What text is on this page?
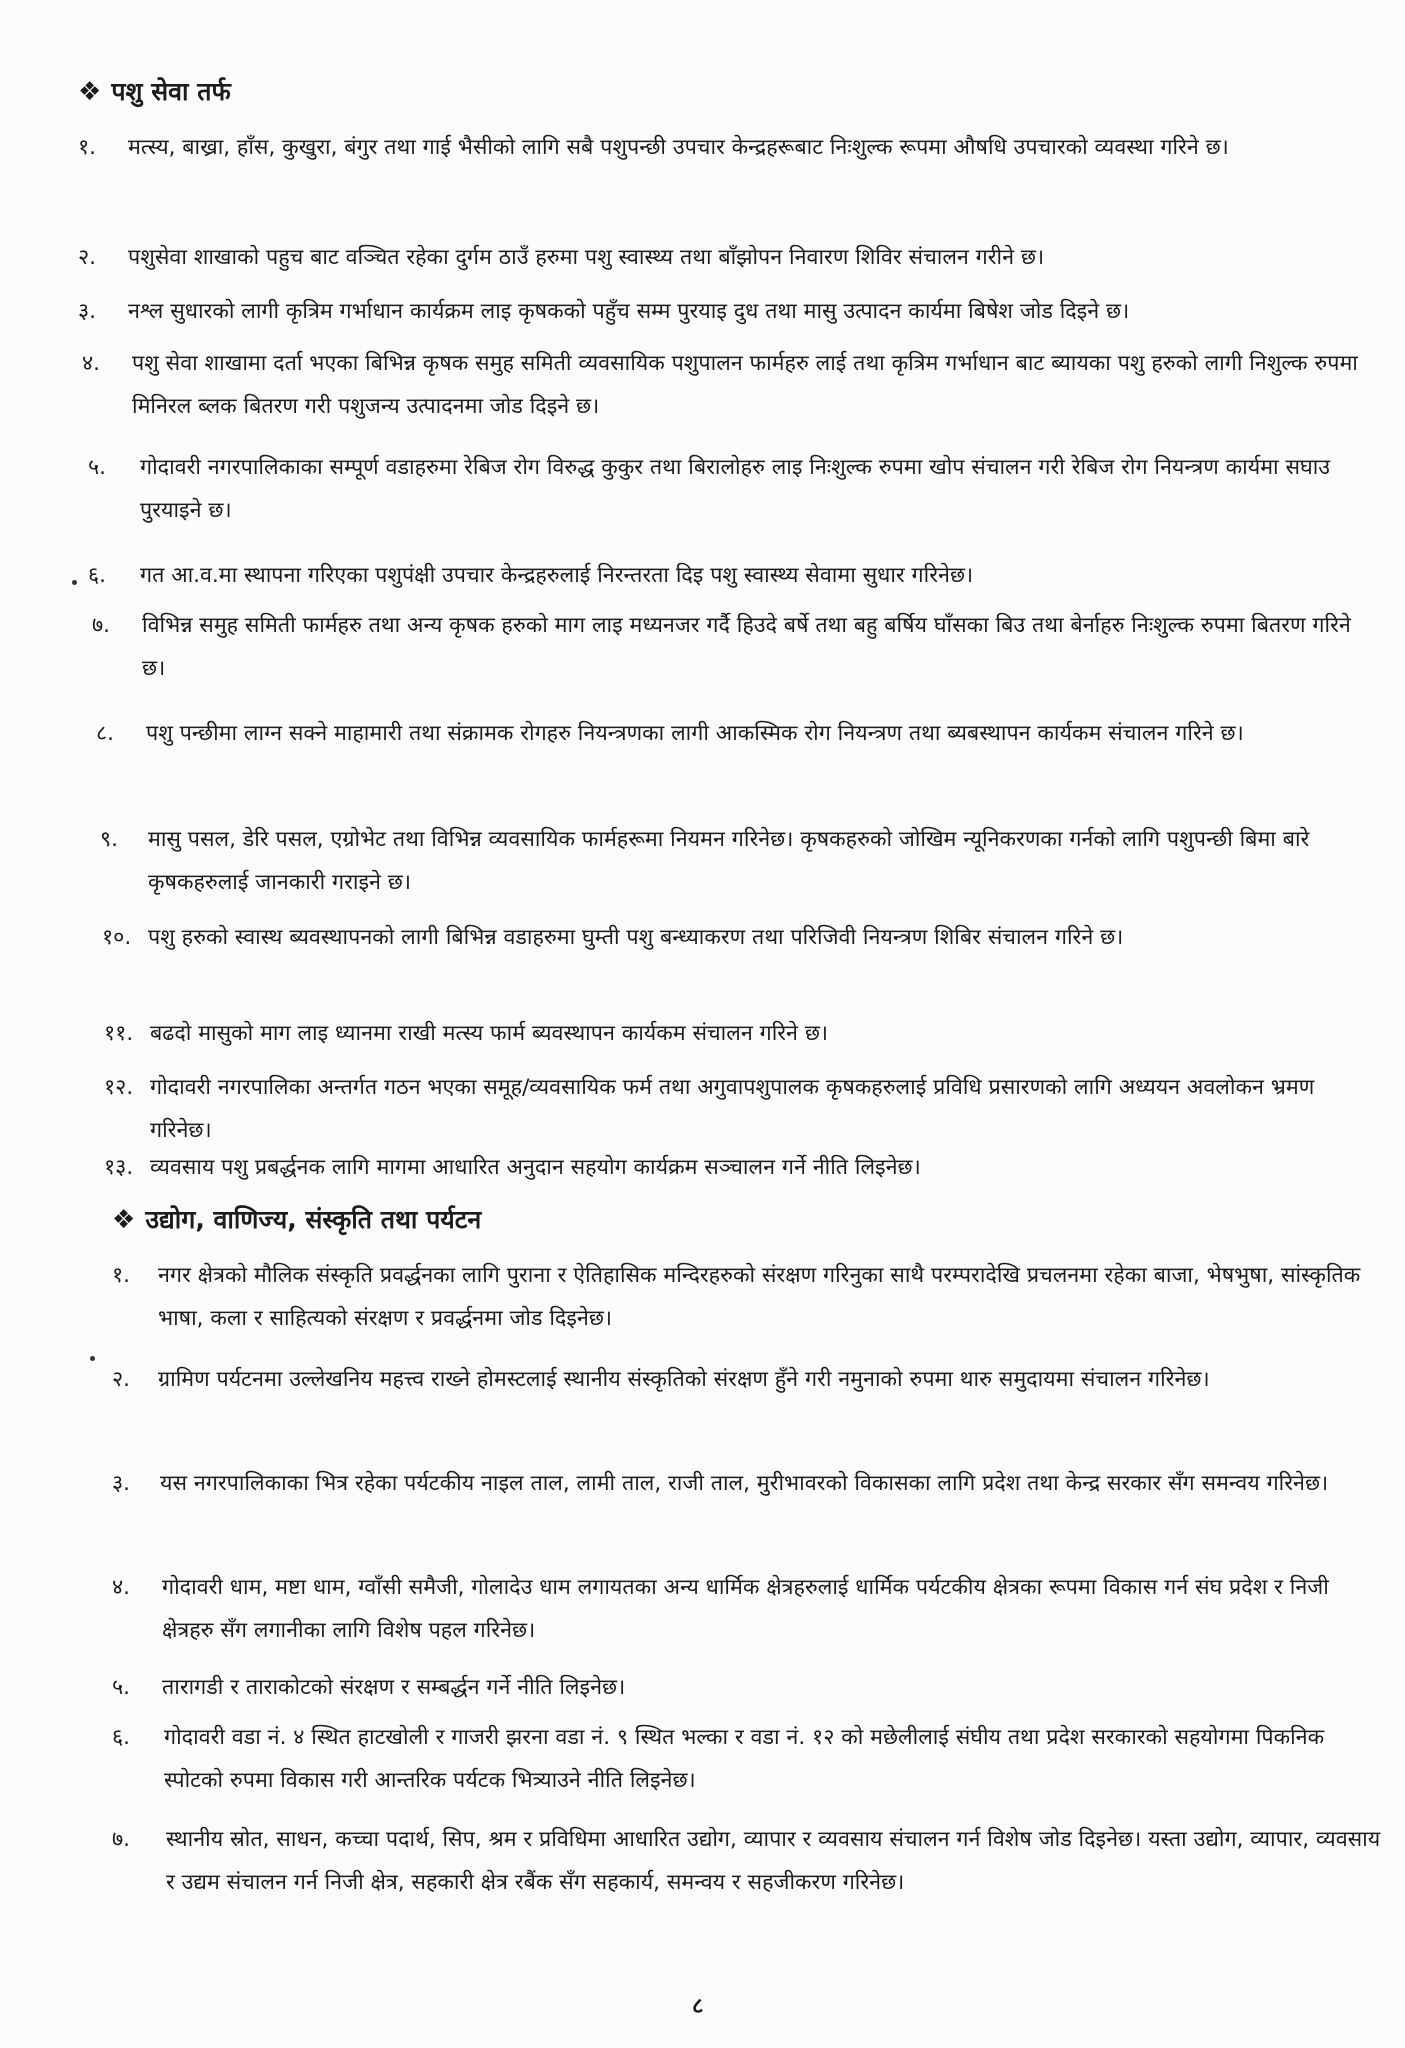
❖ पशु सेवा तर्फ
१. मत्स्य, बाख्रा, हाँस, कुखुरा, बंगुर तथा गाई भैसीको लागि सबै पशुपन्छी उपचार केन्द्रहरूबाट निःशुल्क रूपमा औषधि उपचारको व्यवस्था गरिने छ।
२. पशुसेवा शाखाको पहुच बाट वञ्चित रहेका दुर्गम ठाउँ हरुमा पशु स्वास्थ्य तथा बाँझोपन निवारण शिविर संचालन गरीने छ।
३. नश्ल सुधारको लागी कृत्रिम गर्भाधान कार्यक्रम लाइ कृषकको पहुँच सम्म पुरयाइ दुध तथा मासु उत्पादन कार्यमा बिषेश जोड दिइने छ।
४. पशु सेवा शाखामा दर्ता भएका बिभिन्न कृषक समुह समिती व्यवसायिक पशुपालन फार्महरु लाई तथा कृत्रिम गर्भाधान बाट ब्यायका पशु हरुको लागी निशुल्क रुपमा मिनिरल ब्लक बितरण गरी पशुजन्य उत्पादनमा जोड दिइने छ।
५. गोदावरी नगरपालिकाका सम्पूर्ण वडाहरुमा रेबिज रोग विरुद्ध कुकुर तथा बिरालोहरु लाइ निःशुल्क रुपमा खोप संचालन गरी रेबिज रोग नियन्त्रण कार्यमा सघाउ पुरयाइने छ।
६. गत आ.व.मा स्थापना गरिएका पशुपंक्षी उपचार केन्द्रहरुलाई निरन्तरता दिइ पशु स्वास्थ्य सेवामा सुधार गरिनेछ।
७. विभिन्न समुह समिती फार्महरु तथा अन्य कृषक हरुको माग लाइ मध्यनजर गर्दै हिउदे बर्षे तथा बहु बर्षिय घाँसका बिउ तथा बेर्नाहरु निःशुल्क रुपमा बितरण गरिने छ।
८. पशु पन्छीमा लाग्न सक्ने माहामारी तथा संक्रामक रोगहरु नियन्त्रणका लागी आकस्मिक रोग नियन्त्रण तथा ब्यबस्थापन कार्यकम संचालन गरिने छ।
९. मासु पसल, डेरि पसल, एग्रोभेट तथा विभिन्न व्यवसायिक फार्महरूमा नियमन गरिनेछ। कृषकहरुको जोखिम न्यूनिकरणका गर्नको लागि पशुपन्छी बिमा बारे कृषकहरुलाई जानकारी गराइने छ।
१०. पशु हरुको स्वास्थ ब्यवस्थापनको लागी बिभिन्न वडाहरुमा घुम्ती पशु बन्ध्याकरण तथा परिजिवी नियन्त्रण शिबिर संचालन गरिने छ।
११. बढदो मासुको माग लाइ ध्यानमा राखी मत्स्य फार्म ब्यवस्थापन कार्यकम संचालन गरिने छ।
१२. गोदावरी नगरपालिका अन्तर्गत गठन भएका समूह/व्यवसायिक फर्म तथा अगुवापशुपालक कृषकहरुलाई प्रविधि प्रसारणको लागि अध्ययन अवलोकन भ्रमण गरिनेछ।
१३. व्यवसाय पशु प्रबर्द्धनक लागि मागमा आधारित अनुदान सहयोग कार्यक्रम सञ्चालन गर्ने नीति लिइनेछ।
❖ उद्योग, वाणिज्य, संस्कृति तथा पर्यटन
१. नगर क्षेत्रको मौलिक संस्कृति प्रवर्द्धनका लागि पुराना र ऐतिहासिक मन्दिरहरुको संरक्षण गरिनुका साथै परम्परादेखि प्रचलनमा रहेका बाजा, भेषभुषा, सांस्कृतिक भाषा, कला र साहित्यको संरक्षण र प्रवर्द्धनमा जोड दिइनेछ।
२. ग्रामिण पर्यटनमा उल्लेखनिय महत्त्व राख्ने होमस्टलाई स्थानीय संस्कृतिको संरक्षण हुँने गरी नमुनाको रुपमा थारु समुदायमा संचालन गरिनेछ।
३. यस नगरपालिकाका भित्र रहेका पर्यटकीय नाइल ताल, लामी ताल, राजी ताल, मुरीभावरको विकासका लागि प्रदेश तथा केन्द्र सरकार सँग समन्वय गरिनेछ।
४. गोदावरी धाम, मष्टा धाम, ग्वाँसी समैजी, गोलादेउ धाम लगायतका अन्य धार्मिक क्षेत्रहरुलाई धार्मिक पर्यटकीय क्षेत्रका रूपमा विकास गर्न संघ प्रदेश र निजी क्षेत्रहरु सँग लगानीका लागि विशेष पहल गरिनेछ।
५. तारागडी र ताराकोटको संरक्षण र सम्बर्द्धन गर्ने नीति लिइनेछ।
६. गोदावरी वडा नं. ४ स्थित हाटखोली र गाजरी झरना वडा नं. ९ स्थित भल्का र वडा नं. १२ को मछेलीलाई संघीय तथा प्रदेश सरकारको सहयोगमा पिकनिक स्पोटको रुपमा विकास गरी आन्तरिक पर्यटक भित्र्याउने नीति लिइनेछ।
७. स्थानीय स्रोत, साधन, कच्चा पदार्थ, सिप, श्रम र प्रविधिमा आधारित उद्योग, व्यापार र व्यवसाय संचालन गर्न विशेष जोड दिइनेछ। यस्ता उद्योग, व्यापार, व्यवसाय र उद्यम संचालन गर्न निजी क्षेत्र, सहकारी क्षेत्र रबैंक सँग सहकार्य, समन्वय र सहजीकरण गरिनेछ।
८
